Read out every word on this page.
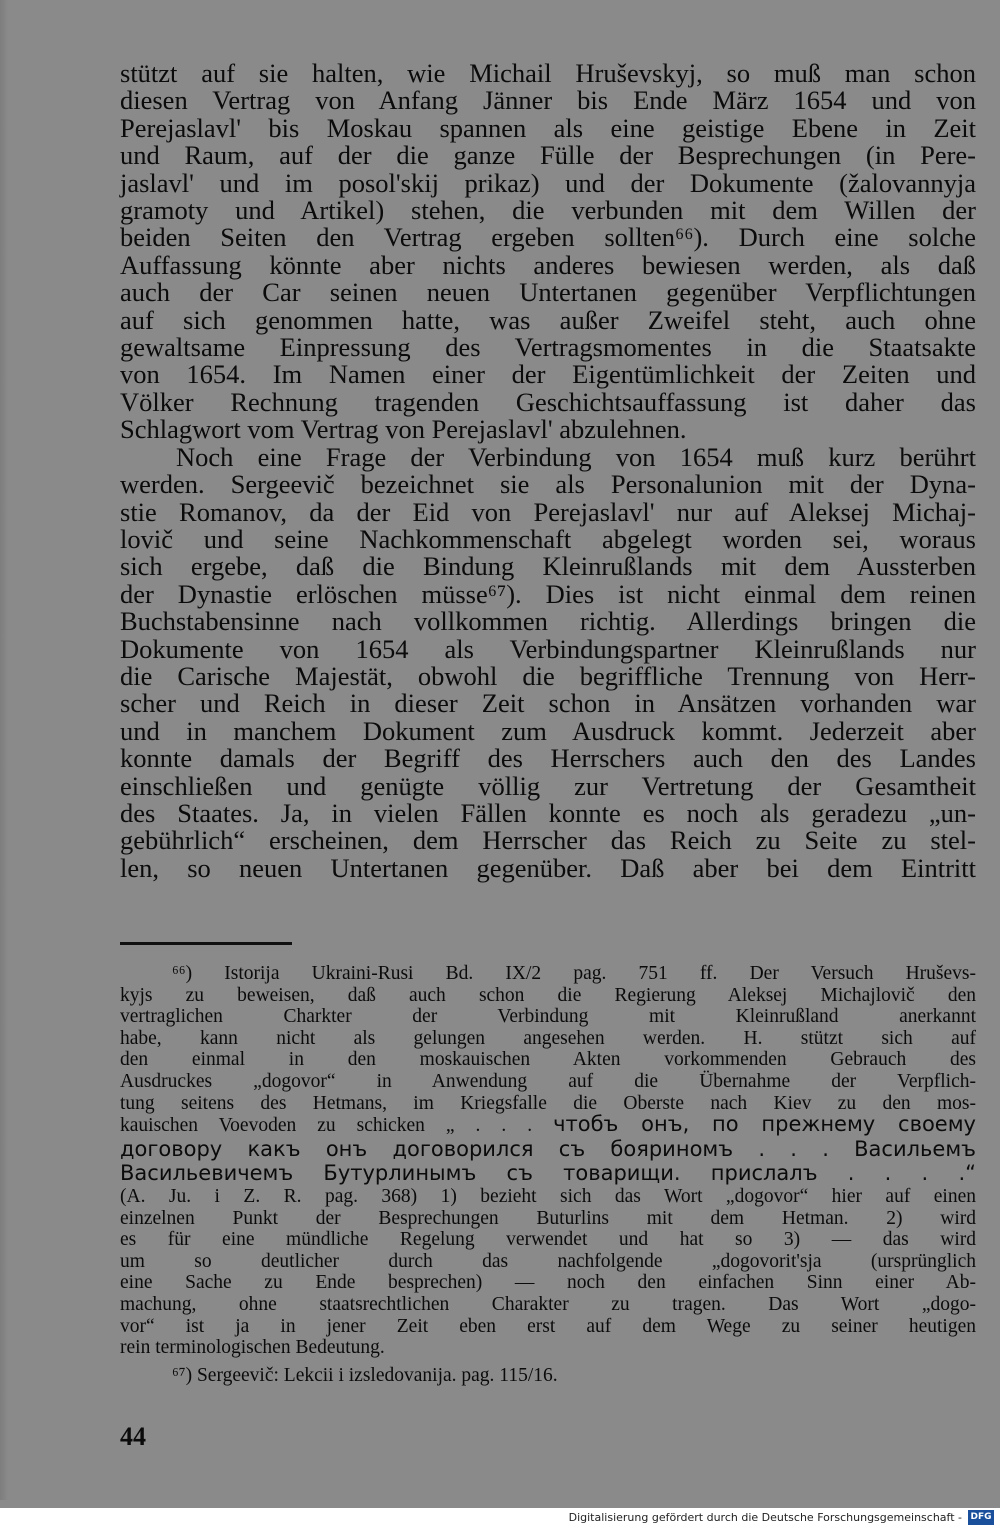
stützt auf sie halten, wie Michail Hruševskyj, so muß man schon
diesen Vertrag von Anfang Jänner bis Ende März 1654 und von
Perejaslavl' bis Moskau spannen als eine geistige Ebene in Zeit
und Raum, auf der die ganze Fülle der Besprechungen (in Pere-
jaslavl' und im posol'skij prikaz) und der Dokumente (žalovannyja
gramoty und Artikel) stehen, die verbunden mit dem Willen der
beiden Seiten den Vertrag ergeben sollten⁶⁶). Durch eine solche
Auffassung könnte aber nichts anderes bewiesen werden, als daß
auch der Car seinen neuen Untertanen gegenüber Verpflichtungen
auf sich genommen hatte, was außer Zweifel steht, auch ohne
gewaltsame Einpressung des Vertragsmomentes in die Staatsakte
von 1654. Im Namen einer der Eigentümlichkeit der Zeiten und
Völker Rechnung tragenden Geschichtsauffassung ist daher das
Schlagwort vom Vertrag von Perejaslavl' abzulehnen.
Noch eine Frage der Verbindung von 1654 muß kurz berührt
werden. Sergeevič bezeichnet sie als Personalunion mit der Dyna-
stie Romanov, da der Eid von Perejaslavl' nur auf Aleksej Michaj-
lovič und seine Nachkommenschaft abgelegt worden sei, woraus
sich ergebe, daß die Bindung Kleinrußlands mit dem Aussterben
der Dynastie erlöschen müsse⁶⁷). Dies ist nicht einmal dem reinen
Buchstabensinne nach vollkommen richtig. Allerdings bringen die
Dokumente von 1654 als Verbindungspartner Kleinrußlands nur
die Carische Majestät, obwohl die begriffliche Trennung von Herr-
scher und Reich in dieser Zeit schon in Ansätzen vorhanden war
und in manchem Dokument zum Ausdruck kommt. Jederzeit aber
konnte damals der Begriff des Herrschers auch den des Landes
einschließen und genügte völlig zur Vertretung der Gesamtheit
des Staates. Ja, in vielen Fällen konnte es noch als geradezu „un-
gebührlich“ erscheinen, dem Herrscher das Reich zu Seite zu stel-
len, so neuen Untertanen gegenüber. Daß aber bei dem Eintritt
⁶⁶) Istorija Ukraini-Rusi Bd. IX/2 pag. 751 ff. Der Versuch Hruševs-
kyjs zu beweisen, daß auch schon die Regierung Aleksej Michajlovič den
vertraglichen Charkter der Verbindung mit Kleinrußland anerkannt
habe, kann nicht als gelungen angesehen werden. H. stützt sich auf
den einmal in den moskauischen Akten vorkommenden Gebrauch des
Ausdruckes „dogovor“ in Anwendung auf die Übernahme der Verpflich-
tung seitens des Hetmans, im Kriegsfalle die Oberste nach Kiev zu den mos-
kauischen Voevoden zu schicken „ . . . чтобъ онъ, по прежнему своему
договору какъ онъ договорился съ бояриномъ . . . Васильемъ
Васильевичемъ Бутурлинымъ съ товарищи. прислалъ . . . .“
(A. Ju. i Z. R. pag. 368) 1) bezieht sich das Wort „dogovor“ hier auf einen
einzelnen Punkt der Besprechungen Buturlins mit dem Hetman. 2) wird
es für eine mündliche Regelung verwendet und hat so 3) — das wird
um so deutlicher durch das nachfolgende „dogovorit'sja (ursprünglich
eine Sache zu Ende besprechen) — noch den einfachen Sinn einer Ab-
machung, ohne staatsrechtlichen Charakter zu tragen. Das Wort „dogo-
vor“ ist ja in jener Zeit eben erst auf dem Wege zu seiner heutigen
rein terminologischen Bedeutung.
⁶⁷) Sergeevič: Lekcii i izsledovanija. pag. 115/16.
44
Digitalisierung gefördert durch die Deutsche Forschungsgemeinschaft - DFG
